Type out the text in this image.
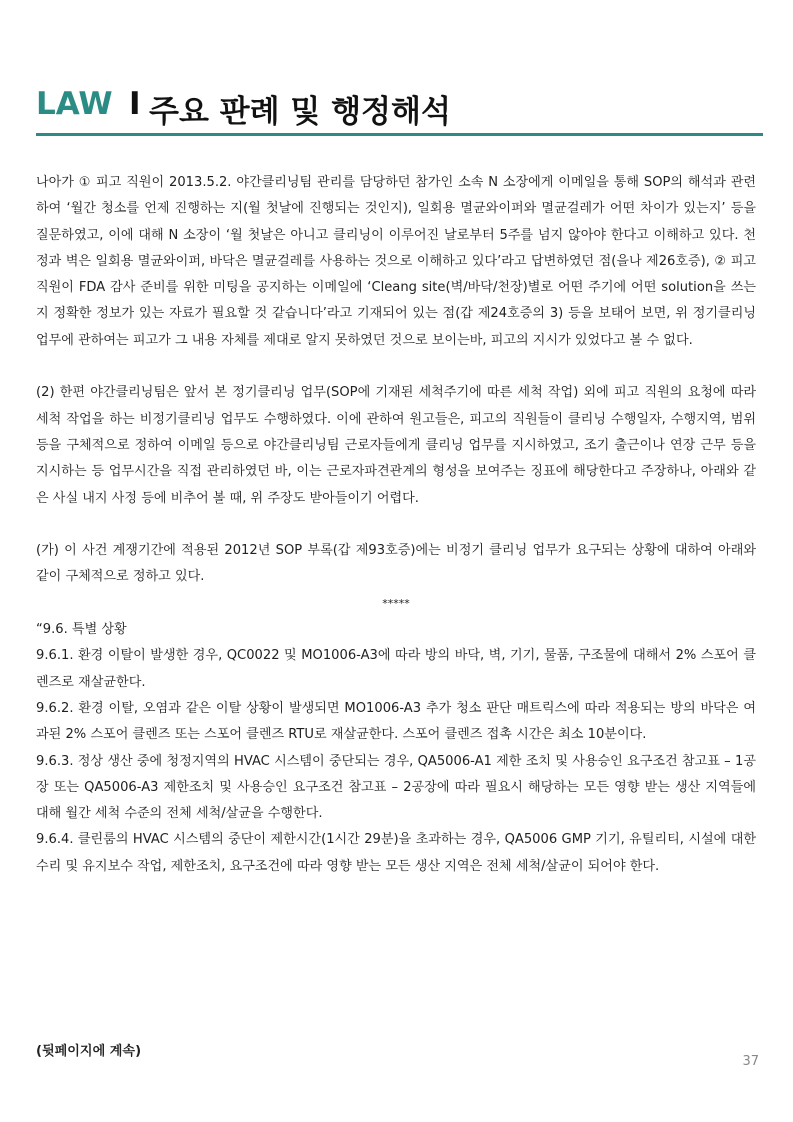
LAW I 주요 판례 및 행정해석

나아가 ① 피고 직원이 2013.5.2. 야간클리닝팀 관리를 담당하던 참가인 소속 N 소장에게 이메일을 통해 SOP의 해석과 관련하여 ‘월간 청소를 언제 진행하는 지(월 첫날에 진행되는 것인지), 일회용 멸균와이퍼와 멸균걸레가 어떤 차이가 있는지’ 등을 질문하였고, 이에 대해 N 소장이 ‘월 첫날은 아니고 클리닝이 이루어진 날로부터 5주를 넘지 않아야 한다고 이해하고 있다. 천정과 벽은 일회용 멸균와이퍼, 바닥은 멸균걸레를 사용하는 것으로 이해하고 있다’라고 답변하였던 점(을나 제26호증), ② 피고 직원이 FDA 감사 준비를 위한 미팅을 공지하는 이메일에 ‘Cleang site(벽/바닥/천장)별로 어떤 주기에 어떤 solution을 쓰는지 정확한 정보가 있는 자료가 필요할 것 같습니다’라고 기재되어 있는 점(갑 제24호증의 3) 등을 보태어 보면, 위 정기클리닝 업무에 관하여는 피고가 그 내용 자체를 제대로 알지 못하였던 것으로 보이는바, 피고의 지시가 있었다고 볼 수 없다.

(2) 한편 야간클리닝팀은 앞서 본 정기클리닝 업무(SOP에 기재된 세척주기에 따른 세척 작업) 외에 피고 직원의 요청에 따라 세척 작업을 하는 비정기클리닝 업무도 수행하였다. 이에 관하여 원고들은, 피고의 직원들이 클리닝 수행일자, 수행지역, 범위 등을 구체적으로 정하여 이메일 등으로 야간클리닝팀 근로자들에게 클리닝 업무를 지시하였고, 조기 출근이나 연장 근무 등을 지시하는 등 업무시간을 직접 관리하였던 바, 이는 근로자파견관계의 형성을 보여주는 징표에 해당한다고 주장하나, 아래와 같은 사실 내지 사정 등에 비추어 볼 때, 위 주장도 받아들이기 어렵다.

(가) 이 사건 계쟁기간에 적용된 2012년 SOP 부록(갑 제93호증)에는 비정기 클리닝 업무가 요구되는 상황에 대하여 아래와 같이 구체적으로 정하고 있다.

*****

“9.6. 특별 상황

9.6.1. 환경 이탈이 발생한 경우, QC0022 및 MO1006-A3에 따라 방의 바닥, 벽, 기기, 물품, 구조물에 대해서 2% 스포어 클렌즈로 재살균한다.

9.6.2. 환경 이탈, 오염과 같은 이탈 상황이 발생되면 MO1006-A3 추가 청소 판단 매트릭스에 따라 적용되는 방의 바닥은 여과된 2% 스포어 클렌즈 또는 스포어 클렌즈 RTU로 재살균한다. 스포어 클렌즈 접촉 시간은 최소 10분이다.

9.6.3. 정상 생산 중에 청정지역의 HVAC 시스템이 중단되는 경우, QA5006-A1 제한 조치 및 사용승인 요구조건 참고표 – 1공장 또는 QA5006-A3 제한조치 및 사용승인 요구조건 참고표 – 2공장에 따라 필요시 해당하는 모든 영향 받는 생산 지역들에 대해 월간 세척 수준의 전체 세척/살균을 수행한다.

9.6.4. 클린룸의 HVAC 시스템의 중단이 제한시간(1시간 29분)을 초과하는 경우, QA5006 GMP 기기, 유틸리티, 시설에 대한 수리 및 유지보수 작업, 제한조치, 요구조건에 따라 영향 받는 모든 생산 지역은 전체 세척/살균이 되어야 한다.

(뒷페이지에 계속)

37
